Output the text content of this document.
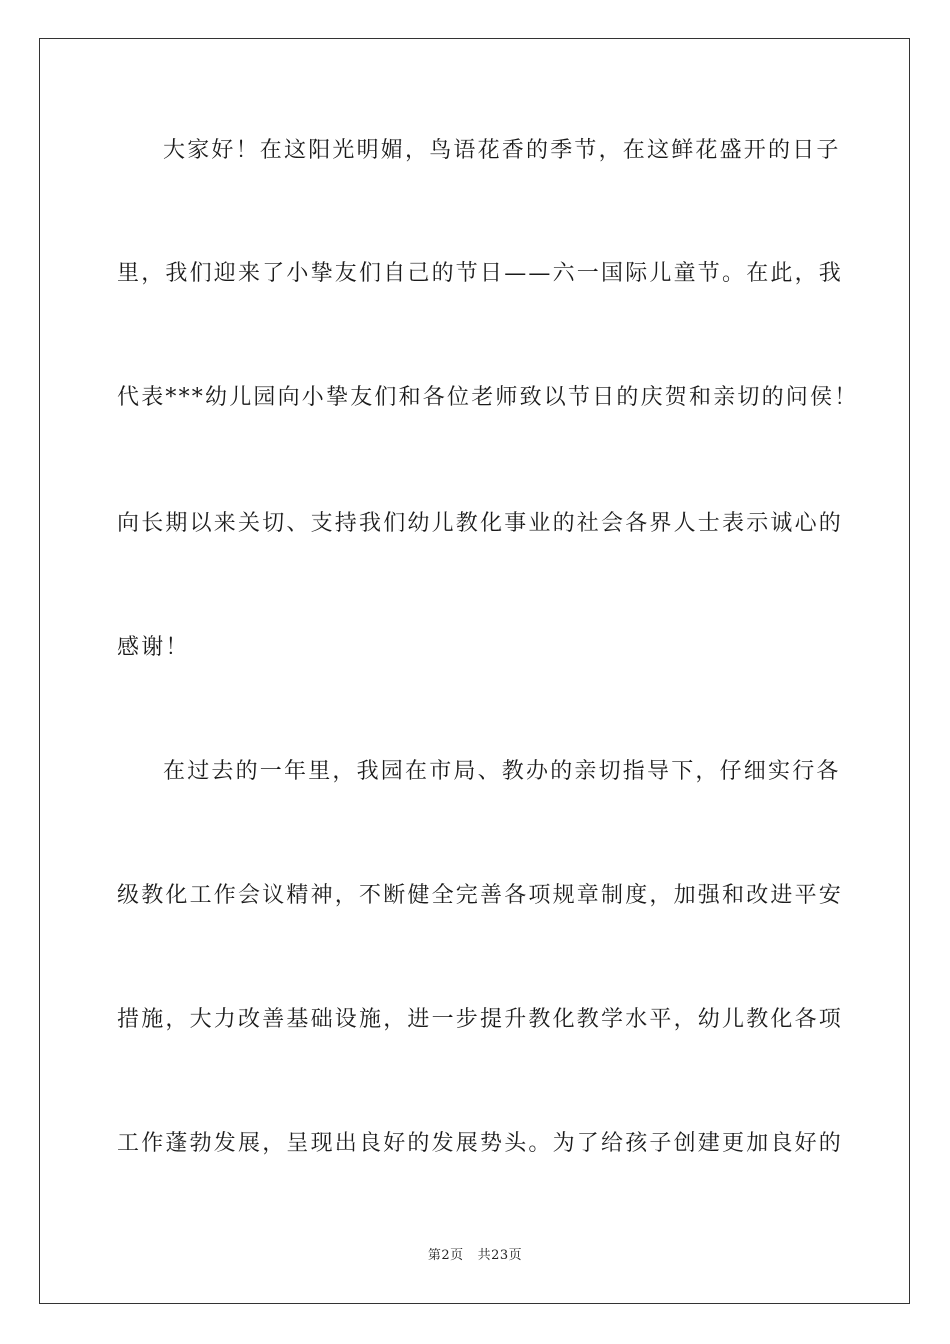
大家好！在这阳光明媚，鸟语花香的季节，在这鲜花盛开的日子
里，我们迎来了小挚友们自己的节日——六一国际儿童节。在此，我
代表***幼儿园向小挚友们和各位老师致以节日的庆贺和亲切的问侯！
向长期以来关切、支持我们幼儿教化事业的社会各界人士表示诚心的
感谢！
在过去的一年里，我园在市局、教办的亲切指导下，仔细实行各
级教化工作会议精神，不断健全完善各项规章制度，加强和改进平安
措施，大力改善基础设施，进一步提升教化教学水平，幼儿教化各项
工作蓬勃发展，呈现出良好的发展势头。为了给孩子创建更加良好的
第2页 共23页
